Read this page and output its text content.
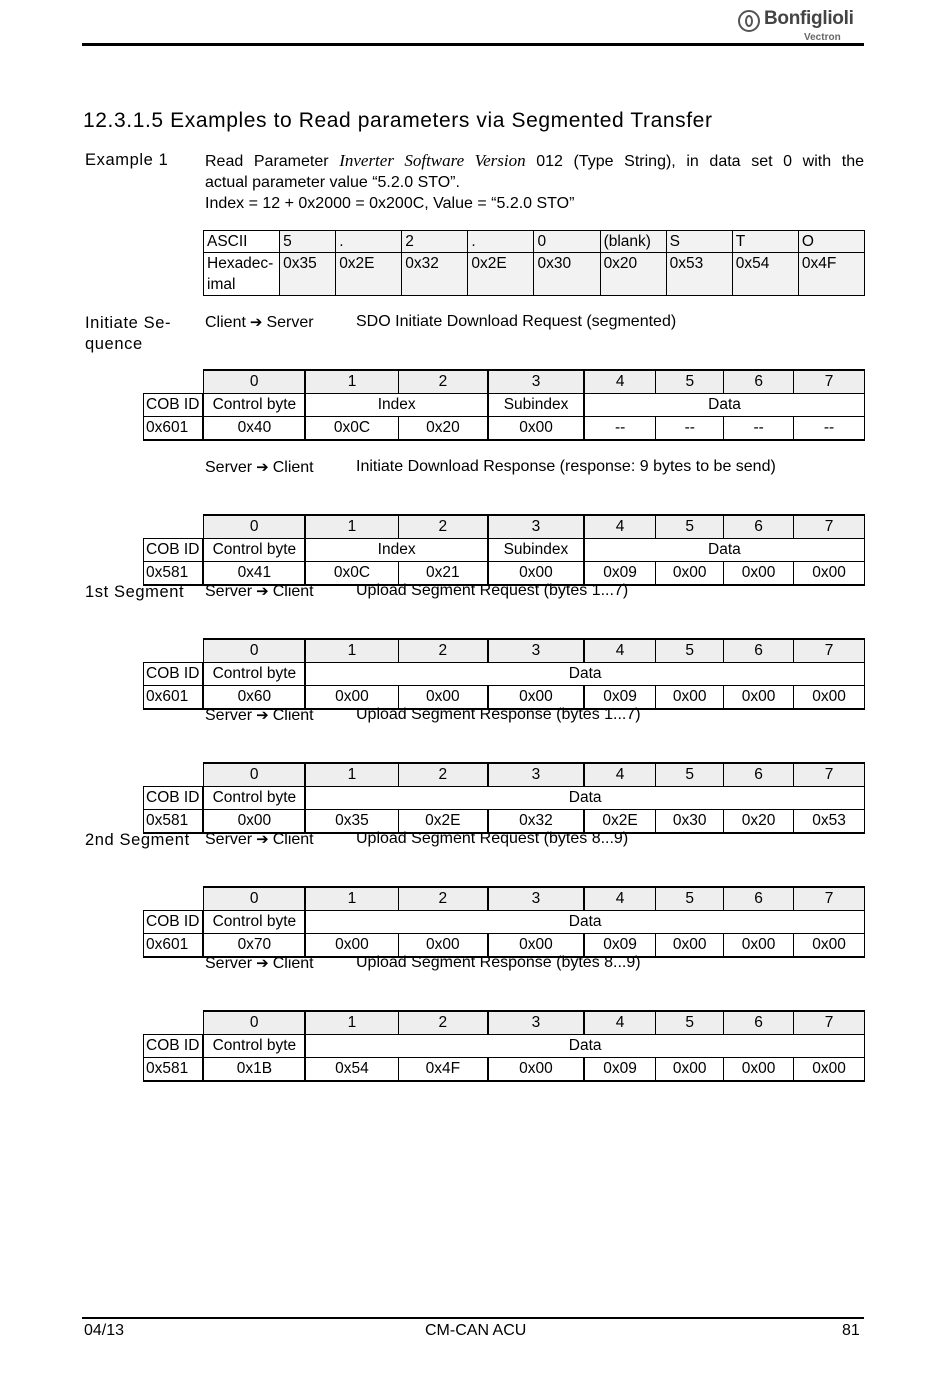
Bonfiglioli
Vectron
12.3.1.5 Examples to Read parameters via Segmented Transfer
Example 1 Read Parameter Inverter Software Version 012 (Type String), in data set 0 with the
actual parameter value “5.2.0 STO”.
Index = 12 + 0x2000 = 0x200C, Value = “5.2.0 STO”
ASCII	5	.	2	.	0	(blank)	S	T	O

Hexadec-
imal	0x35	0x2E	0x32	0x2E	0x30	0x20	0x53	0x54	0x4F
Initiate Se-
quence
Client ➔ Server	SDO Initiate Download Request (segmented)
	0	1	2	3	4	5	6	7
COB ID	Control byte	Index		Subindex	Data			
0x601	0x40	0x0C	0x20	0x00	--	--	--	--
Server ➔ Client	Initiate Download Response (response: 9 bytes to be send)
	0	1	2	3	4	5	6	7
COB ID	Control byte	Index		Subindex	Data			
0x581	0x41	0x0C	0x21	0x00	0x09	0x00	0x00	0x00
1st Segment Server ➔ Client	Upload Segment Request (bytes 1...7)
	0	1	2	3	4	5	6	7
COB ID	Control byte	Data						
0x601	0x60	0x00	0x00	0x00	0x09	0x00	0x00	0x00
Server ➔ Client	Upload Segment Response (bytes 1...7)
	0	1	2	3	4	5	6	7
COB ID	Control byte	Data						
0x581	0x00	0x35	0x2E	0x32	0x2E	0x30	0x20	0x53
2nd Segment Server ➔ Client	Upload Segment Request (bytes 8...9)
	0	1	2	3	4	5	6	7
COB ID	Control byte	Data						
0x601	0x70	0x00	0x00	0x00	0x09	0x00	0x00	0x00
Server ➔ Client	Upload Segment Response (bytes 8...9)
	0	1	2	3	4	5	6	7
COB ID	Control byte	Data						
0x581	0x1B	0x54	0x4F	0x00	0x09	0x00	0x00	0x00
04/13	CM-CAN ACU	81
